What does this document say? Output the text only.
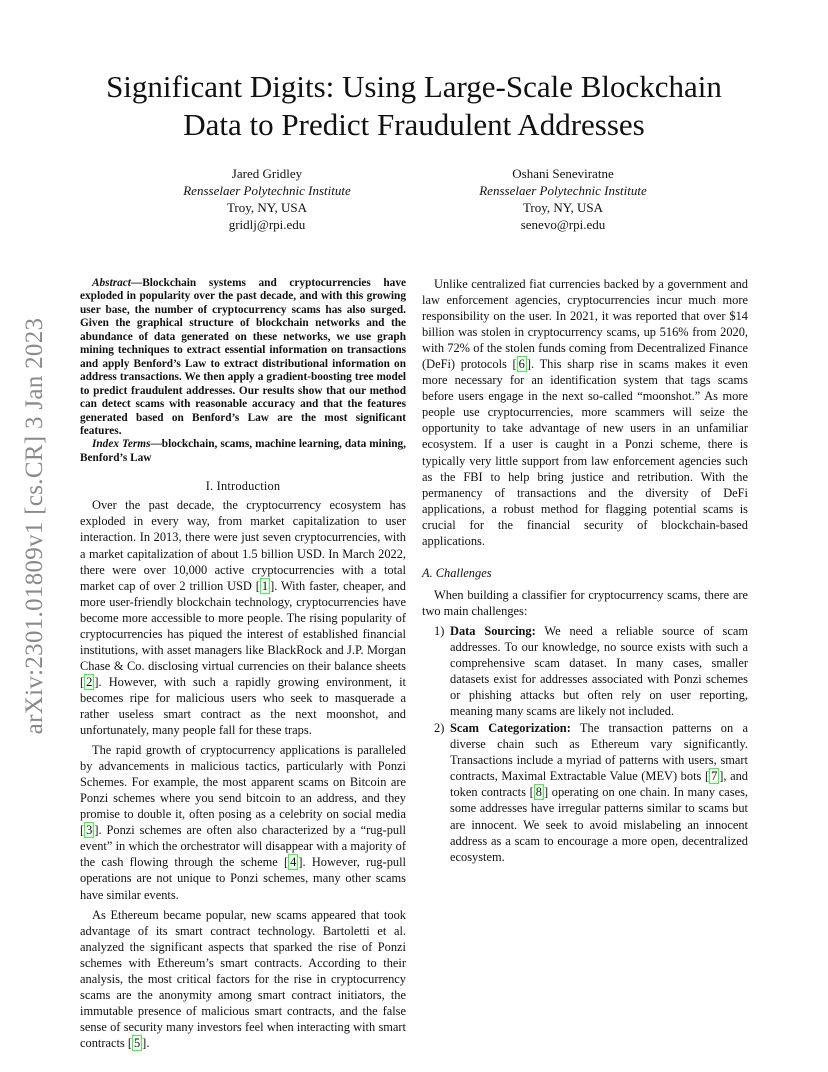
arXiv:2301.01809v1 [cs.CR] 3 Jan 2023
Significant Digits: Using Large-Scale Blockchain
Data to Predict Fraudulent Addresses
Jared Gridley
Rensselaer Polytechnic Institute
Troy, NY, USA
gridlj@rpi.edu
Oshani Seneviratne
Rensselaer Polytechnic Institute
Troy, NY, USA
senevo@rpi.edu

Abstract—Blockchain systems and cryptocurrencies have exploded in popularity over the past decade, and with this growing user base, the number of cryptocurrency scams has also surged. Given the graphical structure of blockchain networks and the abundance of data generated on these networks, we use graph mining techniques to extract essential information on transactions and apply Benford’s Law to extract distributional information on address transactions. We then apply a gradient-boosting tree model to predict fraudulent addresses. Our results show that our method can detect scams with reasonable accuracy and that the features generated based on Benford’s Law are the most significant features.

Index Terms—blockchain, scams, machine learning, data mining, Benford’s Law

I. Introduction

Over the past decade, the cryptocurrency ecosystem has exploded in every way, from market capitalization to user interaction. In 2013, there were just seven cryptocurrencies, with a market capitalization of about 1.5 billion USD. In March 2022, there were over 10,000 active cryptocurrencies with a total market cap of over 2 trillion USD [ 1 ]. With faster, cheaper, and more user-friendly blockchain technology, cryptocurrencies have become more accessible to more people. The rising popularity of cryptocurrencies has piqued the interest of established financial institutions, with asset managers like BlackRock and J.P. Morgan Chase & Co. disclosing virtual currencies on their balance sheets [ 2 ]. However, with such a rapidly growing environment, it becomes ripe for malicious users who seek to masquerade a rather useless smart contract as the next moonshot, and unfortunately, many people fall for these traps.

The rapid growth of cryptocurrency applications is paralleled by advancements in malicious tactics, particularly with Ponzi Schemes. For example, the most apparent scams on Bitcoin are Ponzi schemes where you send bitcoin to an address, and they promise to double it, often posing as a celebrity on social media [ 3 ]. Ponzi schemes are often also characterized by a “rug-pull event” in which the orchestrator will disappear with a majority of the cash flowing through the scheme [ 4 ]. However, rug-pull operations are not unique to Ponzi schemes, many other scams have similar events.

As Ethereum became popular, new scams appeared that took advantage of its smart contract technology. Bartoletti et al. analyzed the significant aspects that sparked the rise of Ponzi schemes with Ethereum’s smart contracts. According to their analysis, the most critical factors for the rise in cryptocurrency scams are the anonymity among smart contract initiators, the immutable presence of malicious smart contracts, and the false sense of security many investors feel when interacting with smart contracts [ 5 ].

Unlike centralized fiat currencies backed by a government and law enforcement agencies, cryptocurrencies incur much more responsibility on the user. In 2021, it was reported that over $14 billion was stolen in cryptocurrency scams, up 516% from 2020, with 72% of the stolen funds coming from Decentralized Finance (DeFi) protocols [ 6 ]. This sharp rise in scams makes it even more necessary for an identification system that tags scams before users engage in the next so-called “moonshot.” As more people use cryptocurrencies, more scammers will seize the opportunity to take advantage of new users in an unfamiliar ecosystem. If a user is caught in a Ponzi scheme, there is typically very little support from law enforcement agencies such as the FBI to help bring justice and retribution. With the permanency of transactions and the diversity of DeFi applications, a robust method for flagging potential scams is crucial for the financial security of blockchain-based applications.

A. Challenges

When building a classifier for cryptocurrency scams, there are two main challenges:

1) Data Sourcing: We need a reliable source of scam addresses. To our knowledge, no source exists with such a comprehensive scam dataset. In many cases, smaller datasets exist for addresses associated with Ponzi schemes or phishing attacks but often rely on user reporting, meaning many scams are likely not included.
2) Scam Categorization: The transaction patterns on a diverse chain such as Ethereum vary significantly. Transactions include a myriad of patterns with users, smart contracts, Maximal Extractable Value (MEV) bots [ 7 ], and token contracts [ 8 ] operating on one chain. In many cases, some addresses have irregular patterns similar to scams but are innocent. We seek to avoid mislabeling an innocent address as a scam to encourage a more open, decentralized ecosystem.
